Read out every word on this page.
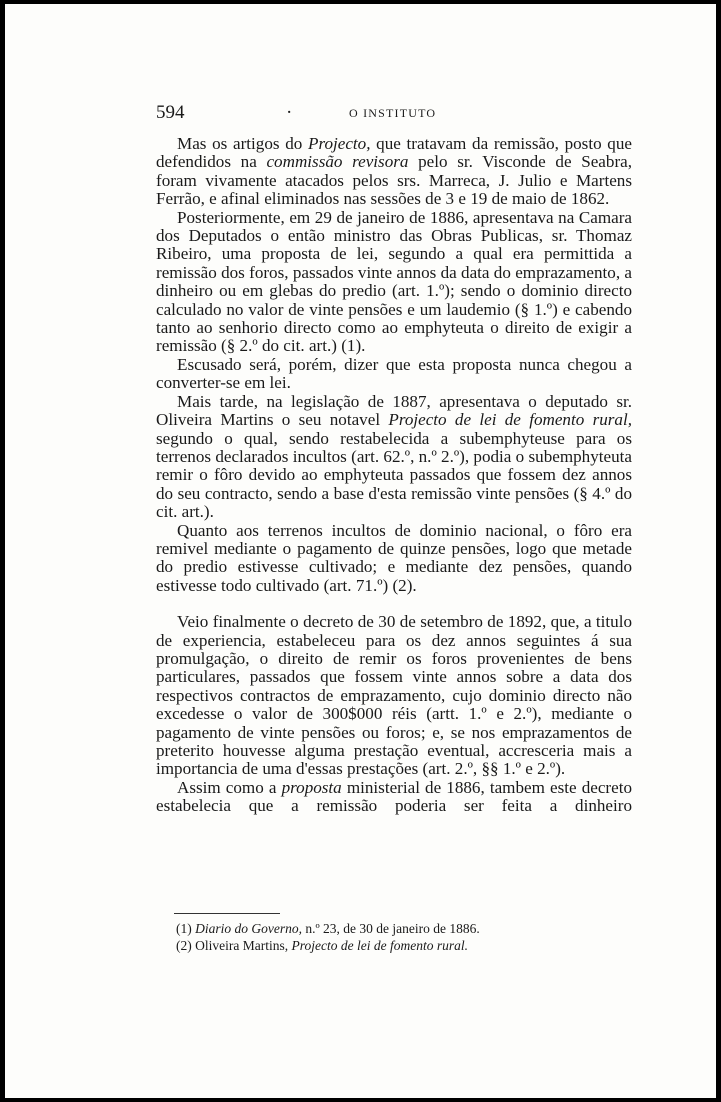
594	·	O INSTITUTO

Mas os artigos do Projecto, que tratavam da remissão, posto que defendidos na commissão revisora pelo sr. Visconde de Seabra, foram vivamente atacados pelos srs. Marreca, J. Julio e Martens Ferrão, e afinal eliminados nas sessões de 3 e 19 de maio de 1862.

Posteriormente, em 29 de janeiro de 1886, apresentava na Camara dos Deputados o então ministro das Obras Publicas, sr. Thomaz Ribeiro, uma proposta de lei, segundo a qual era permittida a remissão dos foros, passados vinte annos da data do emprazamento, a dinheiro ou em glebas do predio (art. 1.º); sendo o dominio directo calculado no valor de vinte pensões e um laudemio (§ 1.º) e cabendo tanto ao senhorio directo como ao emphyteuta o direito de exigir a remissão (§ 2.º do cit. art.) (1).

Escusado será, porém, dizer que esta proposta nunca chegou a converter-se em lei.

Mais tarde, na legislação de 1887, apresentava o deputado sr. Oliveira Martins o seu notavel Projecto de lei de fomento rural, segundo o qual, sendo restabelecida a subemphyteuse para os terrenos declarados incultos (art. 62.º, n.º 2.º), podia o subemphyteuta remir o fôro devido ao emphyteuta passados que fossem dez annos do seu contracto, sendo a base d'esta remissão vinte pensões (§ 4.º do cit. art.).

Quanto aos terrenos incultos de dominio nacional, o fôro era remivel mediante o pagamento de quinze pensões, logo que metade do predio estivesse cultivado; e mediante dez pensões, quando estivesse todo cultivado (art. 71.º) (2).

Veio finalmente o decreto de 30 de setembro de 1892, que, a titulo de experiencia, estabeleceu para os dez annos seguintes á sua promulgação, o direito de remir os foros provenientes de bens particulares, passados que fossem vinte annos sobre a data dos respectivos contractos de emprazamento, cujo dominio directo não excedesse o valor de 300$000 réis (artt. 1.º e 2.º), mediante o pagamento de vinte pensões ou foros; e, se nos emprazamentos de preterito houvesse alguma prestação eventual, accresceria mais a importancia de uma d'essas prestações (art. 2.º, §§ 1.º e 2.º).

Assim como a proposta ministerial de 1886, tambem este decreto estabelecia que a remissão poderia ser feita a dinheiro

(1) Diario do Governo, n.º 23, de 30 de janeiro de 1886.
(2) Oliveira Martins, Projecto de lei de fomento rural.
